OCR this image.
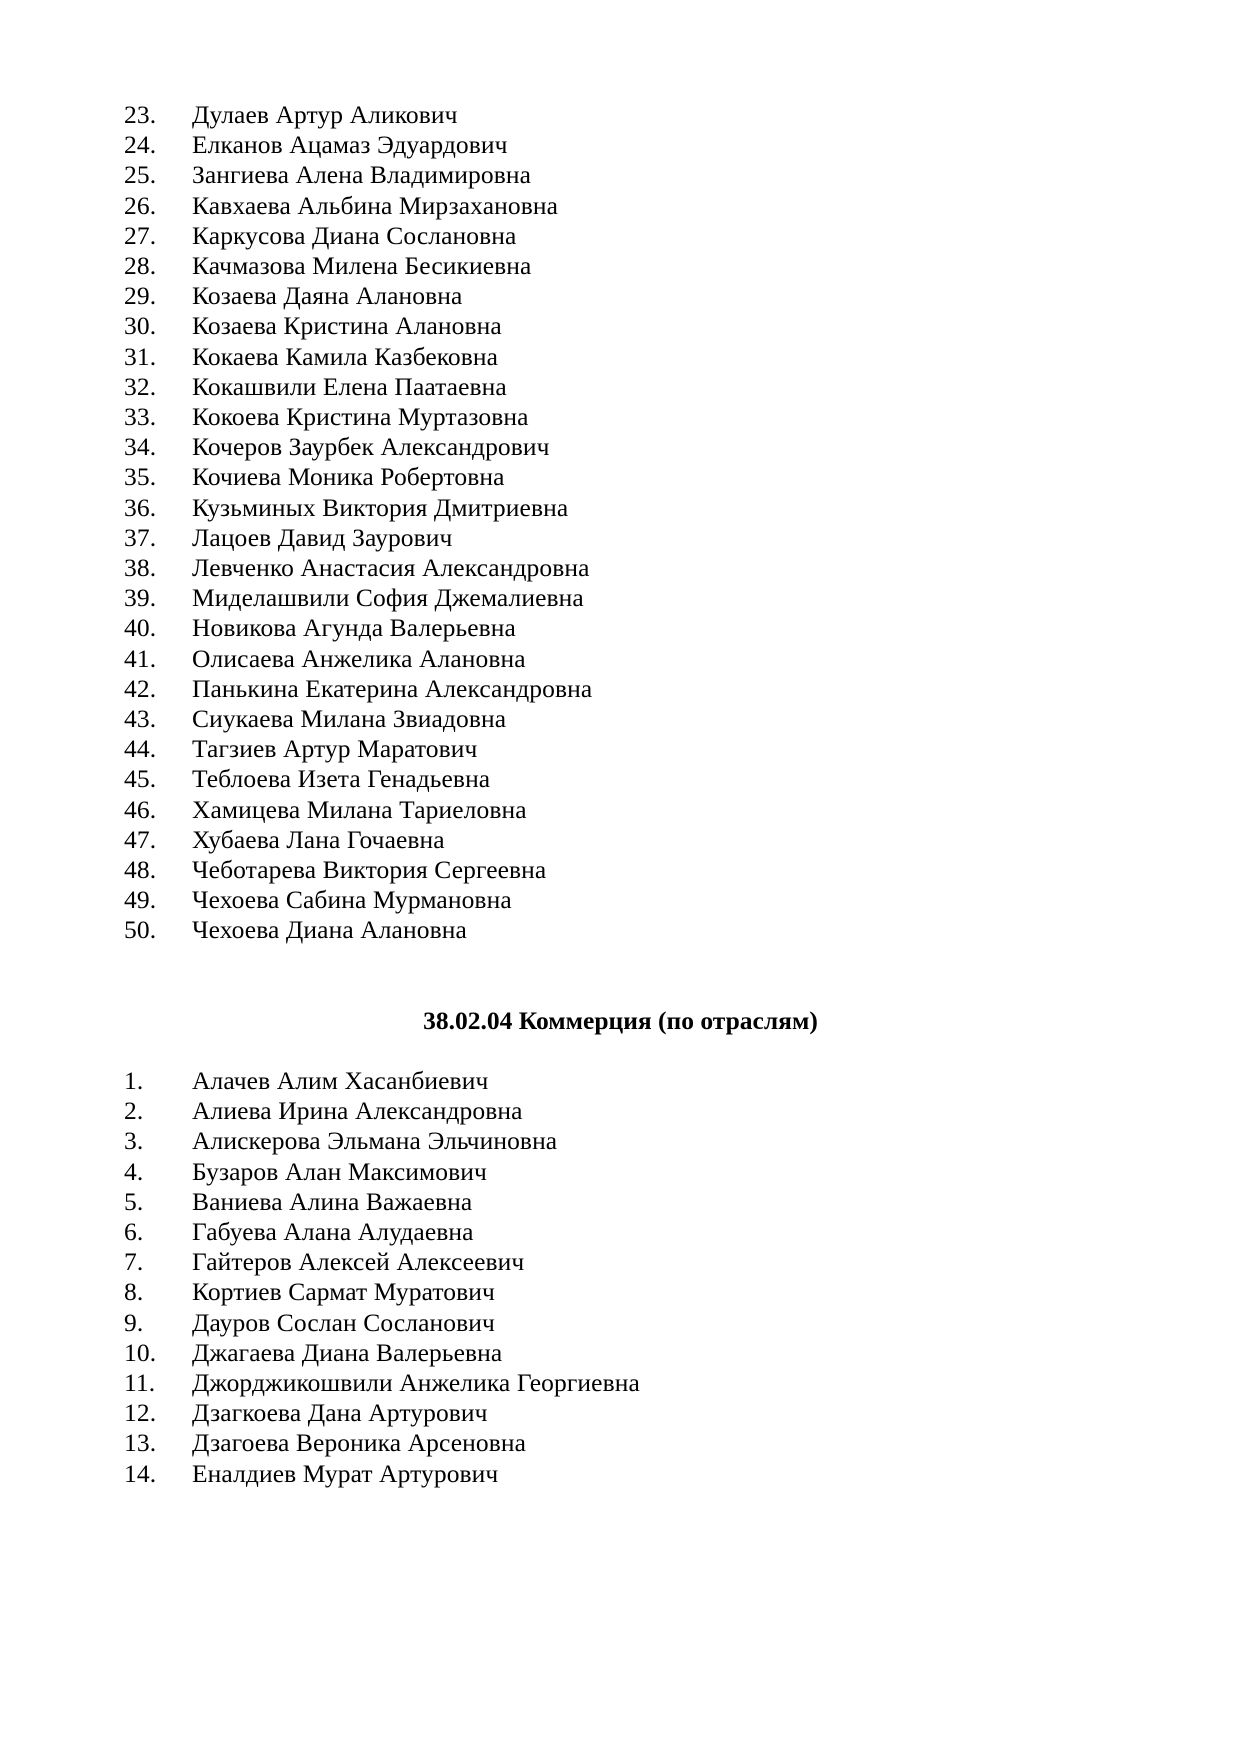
23. Дулаев Артур Аликович
24. Елканов Ацамаз Эдуардович
25. Зангиева Алена Владимировна
26. Кавхаева Альбина Мирзахановна
27. Каркусова Диана Сослановна
28. Качмазова Милена Бесикиевна
29. Козаева Даяна Алановна
30. Козаева Кристина Алановна
31. Кокаева Камила Казбековна
32. Кокашвили Елена Паатаевна
33. Кокоева Кристина Муртазовна
34. Кочеров Заурбек Александрович
35. Кочиева Моника Робертовна
36. Кузьминых Виктория Дмитриевна
37. Лацоев Давид Заурович
38. Левченко Анастасия Александровна
39. Миделашвили София Джемалиевна
40. Новикова Агунда Валерьевна
41. Олисаева Анжелика Алановна
42. Панькина Екатерина Александровна
43. Сиукаева Милана Звиадовна
44. Тагзиев Артур Маратович
45. Теблоева Изета Генадьевна
46. Хамицева Милана Тариеловна
47. Хубаева Лана Гочаевна
48. Чеботарева Виктория Сергеевна
49. Чехоева Сабина Мурмановна
50. Чехоева Диана Алановна

38.02.04 Коммерция (по отраслям)

1. Алачев Алим Хасанбиевич
2. Алиева Ирина Александровна
3. Алискерова Эльмана Эльчиновна
4. Бузаров Алан Максимович
5. Ваниева Алина Важаевна
6. Габуева Алана Алудаевна
7. Гайтеров Алексей Алексеевич
8. Кортиев Сармат Муратович
9. Дауров Сослан Сосланович
10. Джагаева Диана Валерьевна
11. Джорджикошвили Анжелика Георгиевна
12. Дзагкоева Дана Артурович
13. Дзагоева Вероника Арсеновна
14. Еналдиев Мурат Артурович
